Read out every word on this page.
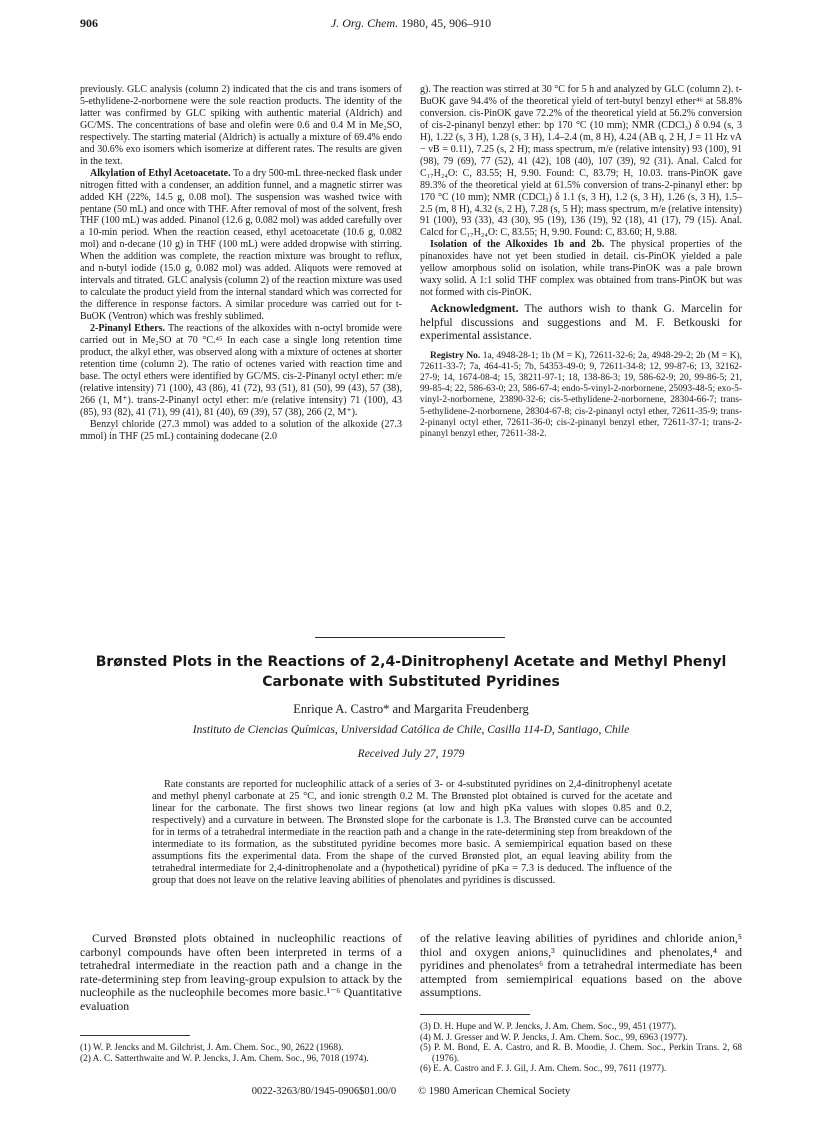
906	J. Org. Chem. 1980, 45, 906–910

previously. GLC analysis (column 2) indicated that the cis and trans isomers of 5-ethylidene-2-norbornene were the sole reaction products. The identity of the latter was confirmed by GLC spiking with authentic material (Aldrich) and GC/MS. The concentrations of base and olefin were 0.6 and 0.4 M in Me₂SO, respectively. The starting material (Aldrich) is actually a mixture of 69.4% endo and 30.6% exo isomers which isomerize at different rates. The results are given in the text.

Alkylation of Ethyl Acetoacetate. To a dry 500-mL three-necked flask under nitrogen fitted with a condenser, an addition funnel, and a magnetic stirrer was added KH (22%, 14.5 g, 0.08 mol). The suspension was washed twice with pentane (50 mL) and once with THF. After removal of most of the solvent, fresh THF (100 mL) was added. Pinanol (12.6 g, 0.082 mol) was added carefully over a 10-min period. When the reaction ceased, ethyl acetoacetate (10.6 g, 0.082 mol) and n-decane (10 g) in THF (100 mL) were added dropwise with stirring. When the addition was complete, the reaction mixture was brought to reflux, and n-butyl iodide (15.0 g, 0.082 mol) was added. Aliquots were removed at intervals and titrated. GLC analysis (column 2) of the reaction mixture was used to calculate the product yield from the internal standard which was corrected for the difference in response factors. A similar procedure was carried out for t-BuOK (Ventron) which was freshly sublimed.

2-Pinanyl Ethers. The reactions of the alkoxides with n-octyl bromide were carried out in Me₂SO at 70 °C.⁴⁵ In each case a single long retention time product, the alkyl ether, was observed along with a mixture of octenes at shorter retention time (column 2). The ratio of octenes varied with reaction time and base. The octyl ethers were identified by GC/MS. cis-2-Pinanyl octyl ether: m/e (relative intensity) 71 (100), 43 (86), 41 (72), 93 (51), 81 (50), 99 (43), 57 (38), 266 (1, M⁺). trans-2-Pinanyl octyl ether: m/e (relative intensity) 71 (100), 43 (85), 93 (82), 41 (71), 99 (41), 81 (40), 69 (39), 57 (38), 266 (2, M⁺).

Benzyl chloride (27.3 mmol) was added to a solution of the alkoxide (27.3 mmol) in THF (25 mL) containing dodecane (2.0

g). The reaction was stirred at 30 °C for 5 h and analyzed by GLC (column 2). t-BuOK gave 94.4% of the theoretical yield of tert-butyl benzyl ether⁴⁶ at 58.8% conversion. cis-PinOK gave 72.2% of the theoretical yield at 56.2% conversion of cis-2-pinanyl benzyl ether: bp 170 °C (10 mm); NMR (CDCl₃) δ 0.94 (s, 3 H), 1.22 (s, 3 H), 1.28 (s, 3 H), 1.4–2.4 (m, 8 H), 4.24 (AB q, 2 H, J = 11 Hz νA − νB = 0.11), 7.25 (s, 2 H); mass spectrum, m/e (relative intensity) 93 (100), 91 (98), 79 (69), 77 (52), 41 (42), 108 (40), 107 (39), 92 (31). Anal. Calcd for C₁₇H₂₄O: C, 83.55; H, 9.90. Found: C, 83.79; H, 10.03. trans-PinOK gave 89.3% of the theoretical yield at 61.5% conversion of trans-2-pinanyl ether: bp 170 °C (10 mm); NMR (CDCl₃) δ 1.1 (s, 3 H), 1.2 (s, 3 H), 1.26 (s, 3 H), 1.5–2.5 (m, 8 H), 4.32 (s, 2 H), 7.28 (s, 5 H); mass spectrum, m/e (relative intensity) 91 (100), 93 (33), 43 (30), 95 (19), 136 (19), 92 (18), 41 (17), 79 (15). Anal. Calcd for C₁₇H₂₄O: C, 83.55; H, 9.90. Found: C, 83.60; H, 9.88.

Isolation of the Alkoxides 1b and 2b. The physical properties of the pinanoxides have not yet been studied in detail. cis-PinOK yielded a pale yellow amorphous solid on isolation, while trans-PinOK was a pale brown waxy solid. A 1:1 solid THF complex was obtained from trans-PinOK but was not formed with cis-PinOK.

Acknowledgment. The authors wish to thank G. Marcelin for helpful discussions and suggestions and M. F. Betkouski for experimental assistance.

Registry No. 1a, 4948-28-1; 1b (M = K), 72611-32-6; 2a, 4948-29-2; 2b (M = K), 72611-33-7; 7a, 464-41-5; 7b, 54353-49-0; 9, 72611-34-8; 12, 99-87-6; 13, 32162-27-9; 14, 1674-08-4; 15, 38211-97-1; 18, 138-86-3; 19, 586-62-9; 20, 99-86-5; 21, 99-85-4; 22, 586-63-0; 23, 586-67-4; endo-5-vinyl-2-norbornene, 25093-48-5; exo-5-vinyl-2-norbornene, 23890-32-6; cis-5-ethylidene-2-norbornene, 28304-66-7; trans-5-ethylidene-2-norbornene, 28304-67-8; cis-2-pinanyl octyl ether, 72611-35-9; trans-2-pinanyl octyl ether, 72611-36-0; cis-2-pinanyl benzyl ether, 72611-37-1; trans-2-pinanyl benzyl ether, 72611-38-2.

Brønsted Plots in the Reactions of 2,4-Dinitrophenyl Acetate and Methyl Phenyl Carbonate with Substituted Pyridines
Enrique A. Castro* and Margarita Freudenberg
Instituto de Ciencias Químicas, Universidad Católica de Chile, Casilla 114-D, Santiago, Chile
Received July 27, 1979

Rate constants are reported for nucleophilic attack of a series of 3- or 4-substituted pyridines on 2,4-dinitrophenyl acetate and methyl phenyl carbonate at 25 °C, and ionic strength 0.2 M. The Brønsted plot obtained is curved for the acetate and linear for the carbonate. The first shows two linear regions (at low and high pKa values with slopes 0.85 and 0.2, respectively) and a curvature in between. The Brønsted slope for the carbonate is 1.3. The Brønsted curve can be accounted for in terms of a tetrahedral intermediate in the reaction path and a change in the rate-determining step from breakdown of the intermediate to its formation, as the substituted pyridine becomes more basic. A semiempirical equation based on these assumptions fits the experimental data. From the shape of the curved Brønsted plot, an equal leaving ability from the tetrahedral intermediate for 2,4-dinitrophenolate and a (hypothetical) pyridine of pKa = 7.3 is deduced. The influence of the group that does not leave on the relative leaving abilities of phenolates and pyridines is discussed.

Curved Brønsted plots obtained in nucleophilic reactions of carbonyl compounds have often been interpreted in terms of a tetrahedral intermediate in the reaction path and a change in the rate-determining step from leaving-group expulsion to attack by the nucleophile as the nucleophile becomes more basic.¹⁻⁶ Quantitative evaluation

of the relative leaving abilities of pyridines and chloride anion,⁵ thiol and oxygen anions,³ quinuclidines and phenolates,⁴ and pyridines and phenolates⁶ from a tetrahedral intermediate has been attempted from semiempirical equations based on the above assumptions.

(1) W. P. Jencks and M. Gilchrist, J. Am. Chem. Soc., 90, 2622 (1968).

(2) A. C. Satterthwaite and W. P. Jencks, J. Am. Chem. Soc., 96, 7018 (1974).

(3) D. H. Hupe and W. P. Jencks, J. Am. Chem. Soc., 99, 451 (1977).

(4) M. J. Gresser and W. P. Jencks, J. Am. Chem. Soc., 99, 6963 (1977).

(5) P. M. Bond, E. A. Castro, and R. B. Moodie, J. Chem. Soc., Perkin Trans. 2, 68 (1976).

(6) E. A. Castro and F. J. Gil, J. Am. Chem. Soc., 99, 7611 (1977).

0022-3263/80/1945-0906$01.00/0 © 1980 American Chemical Society
